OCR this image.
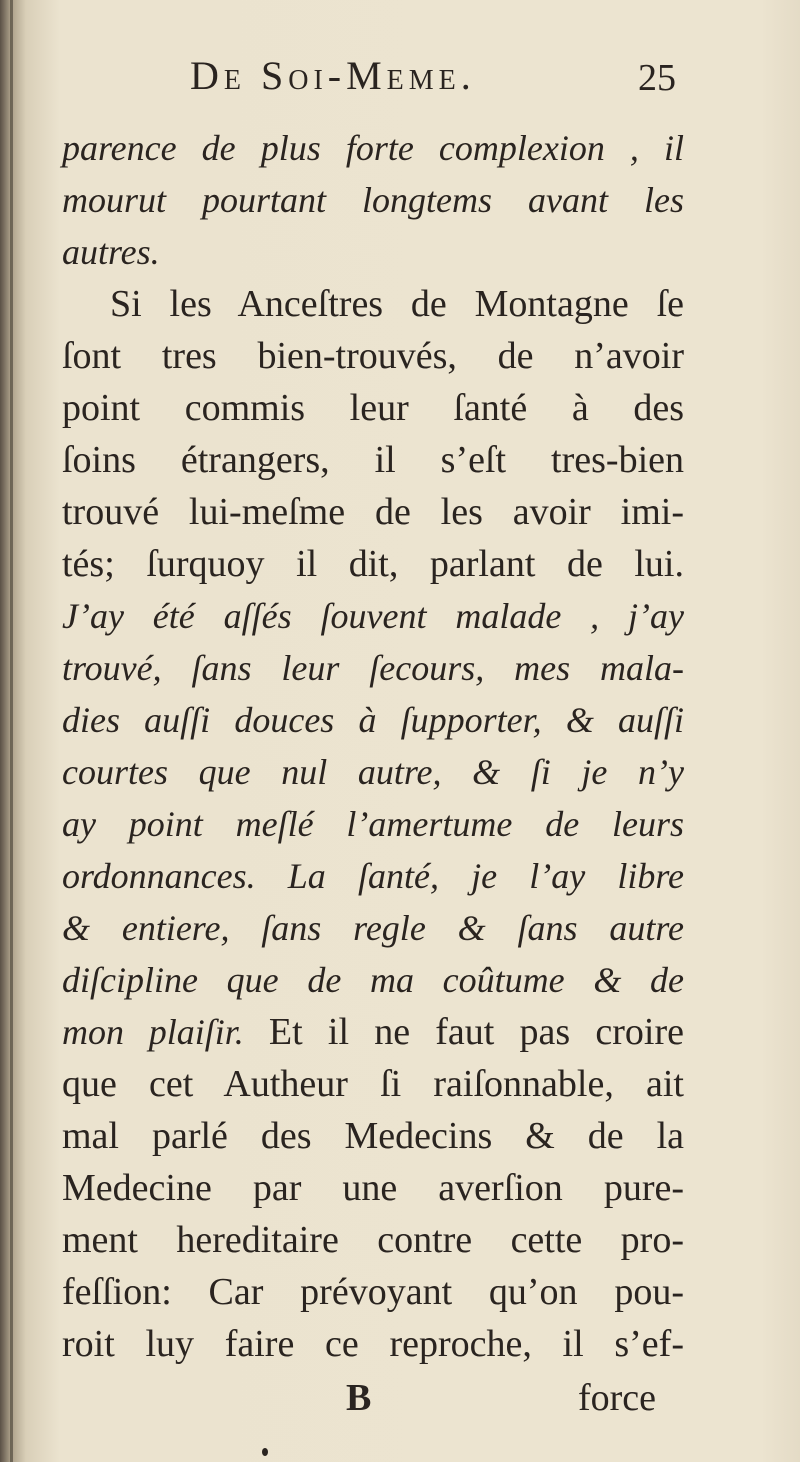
De Soi-Meme.	25
parence de plus forte complexion , il
mourut pourtant longtems avant les
autres.
Si les Anceſtres de Montagne ſe
ſont tres bien-trouvés, de n’avoir
point commis leur ſanté à des
ſoins étrangers, il s’eſt tres-bien
trouvé lui-meſme de les avoir imi-
tés; ſurquoy il dit, parlant de lui.
J’ay été aſſés ſouvent malade , j’ay
trouvé, ſans leur ſecours, mes mala-
dies auſſi douces à ſupporter, & auſſi
courtes que nul autre, & ſi je n’y
ay point meſlé l’amertume de leurs
ordonnances. La ſanté, je l’ay libre
& entiere, ſans regle & ſans autre
diſcipline que de ma coûtume & de
mon plaiſir. Et il ne faut pas croire
que cet Autheur ſi raiſonnable, ait
mal parlé des Medecins & de la
Medecine par une averſion pure-
ment hereditaire contre cette pro-
feſſion: Car prévoyant qu’on pou-
roit luy faire ce reproche, il s’ef-
B	force
